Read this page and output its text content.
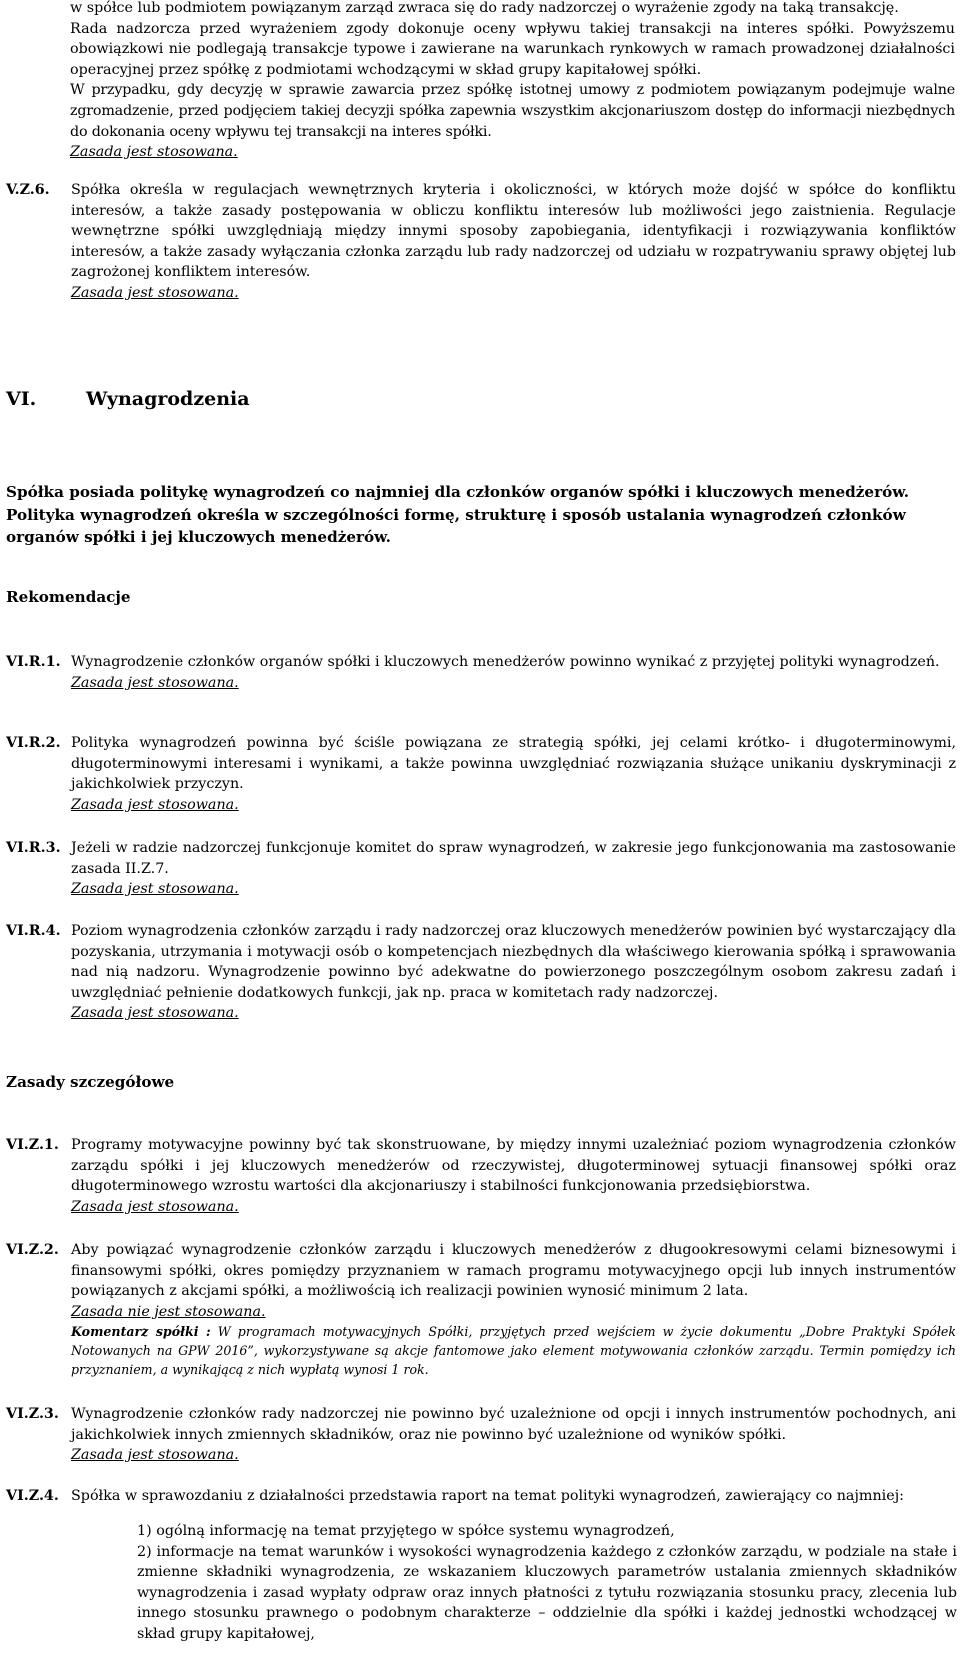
w spółce lub podmiotem powiązanym zarząd zwraca się do rady nadzorczej o wyrażenie zgody na taką transakcję.
Rada nadzorcza przed wyrażeniem zgody dokonuje oceny wpływu takiej transakcji na interes spółki. Powyższemu obowiązkowi nie podlegają transakcje typowe i zawierane na warunkach rynkowych w ramach prowadzonej działalności operacyjnej przez spółkę z podmiotami wchodzącymi w skład grupy kapitałowej spółki.
W przypadku, gdy decyzję w sprawie zawarcia przez spółkę istotnej umowy z podmiotem powiązanym podejmuje walne zgromadzenie, przed podjęciem takiej decyzji spółka zapewnia wszystkim akcjonariuszom dostęp do informacji niezbędnych do dokonania oceny wpływu tej transakcji na interes spółki.
Zasada jest stosowana.
V.Z.6. Spółka określa w regulacjach wewnętrznych kryteria i okoliczności, w których może dojść w spółce do konfliktu interesów, a także zasady postępowania w obliczu konfliktu interesów lub możliwości jego zaistnienia. Regulacje wewnętrzne spółki uwzględniają między innymi sposoby zapobiegania, identyfikacji i rozwiązywania konfliktów interesów, a także zasady wyłączania członka zarządu lub rady nadzorczej od udziału w rozpatrywaniu sprawy objętej lub zagrożonej konfliktem interesów.

Zasada jest stosowana.
VI.	Wynagrodzenia

Spółka posiada politykę wynagrodzeń co najmniej dla członków organów spółki i kluczowych menedżerów. Polityka wynagrodzeń określa w szczególności formę, strukturę i sposób ustalania wynagrodzeń członków organów spółki i jej kluczowych menedżerów.

Rekomendacje
VI.R.1. Wynagrodzenie członków organów spółki i kluczowych menedżerów powinno wynikać z przyjętej polityki wynagrodzeń.

Zasada jest stosowana.
VI.R.2. Polityka wynagrodzeń powinna być ściśle powiązana ze strategią spółki, jej celami krótko- i długoterminowymi, długoterminowymi interesami i wynikami, a także powinna uwzględniać rozwiązania służące unikaniu dyskryminacji z jakichkolwiek przyczyn.

Zasada jest stosowana.
VI.R.3. Jeżeli w radzie nadzorczej funkcjonuje komitet do spraw wynagrodzeń, w zakresie jego funkcjonowania ma zastosowanie zasada II.Z.7.

Zasada jest stosowana.
VI.R.4. Poziom wynagrodzenia członków zarządu i rady nadzorczej oraz kluczowych menedżerów powinien być wystarczający dla pozyskania, utrzymania i motywacji osób o kompetencjach niezbędnych dla właściwego kierowania spółką i sprawowania nad nią nadzoru. Wynagrodzenie powinno być adekwatne do powierzonego poszczególnym osobom zakresu zadań i uwzględniać pełnienie dodatkowych funkcji, jak np. praca w komitetach rady nadzorczej.

Zasada jest stosowana.
Zasady szczegółowe
VI.Z.1. Programy motywacyjne powinny być tak skonstruowane, by między innymi uzależniać poziom wynagrodzenia członków zarządu spółki i jej kluczowych menedżerów od rzeczywistej, długoterminowej sytuacji finansowej spółki oraz długoterminowego wzrostu wartości dla akcjonariuszy i stabilności funkcjonowania przedsiębiorstwa.

Zasada jest stosowana.
VI.Z.2. Aby powiązać wynagrodzenie członków zarządu i kluczowych menedżerów z długookresowymi celami biznesowymi i finansowymi spółki, okres pomiędzy przyznaniem w ramach programu motywacyjnego opcji lub innych instrumentów powiązanych z akcjami spółki, a możliwością ich realizacji powinien wynosić minimum 2 lata.

Zasada nie jest stosowana.
Komentarz spółki : W programach motywacyjnych Spółki, przyjętych przed wejściem w życie dokumentu „Dobre Praktyki Spółek Notowanych na GPW 2016”, wykorzystywane są akcje fantomowe jako element motywowania członków zarządu. Termin pomiędzy ich przyznaniem, a wynikającą z nich wypłatą wynosi 1 rok.
VI.Z.3. Wynagrodzenie członków rady nadzorczej nie powinno być uzależnione od opcji i innych instrumentów pochodnych, ani jakichkolwiek innych zmiennych składników, oraz nie powinno być uzależnione od wyników spółki.

Zasada jest stosowana.
VI.Z.4. Spółka w sprawozdaniu z działalności przedstawia raport na temat polityki wynagrodzeń, zawierający co najmniej:

1) ogólną informację na temat przyjętego w spółce systemu wynagrodzeń,

2) informacje na temat warunków i wysokości wynagrodzenia każdego z członków zarządu, w podziale na stałe i zmienne składniki wynagrodzenia, ze wskazaniem kluczowych parametrów ustalania zmiennych składników wynagrodzenia i zasad wypłaty odpraw oraz innych płatności z tytułu rozwiązania stosunku pracy, zlecenia lub innego stosunku prawnego o podobnym charakterze – oddzielnie dla spółki i każdej jednostki wchodzącej w skład grupy kapitałowej,
